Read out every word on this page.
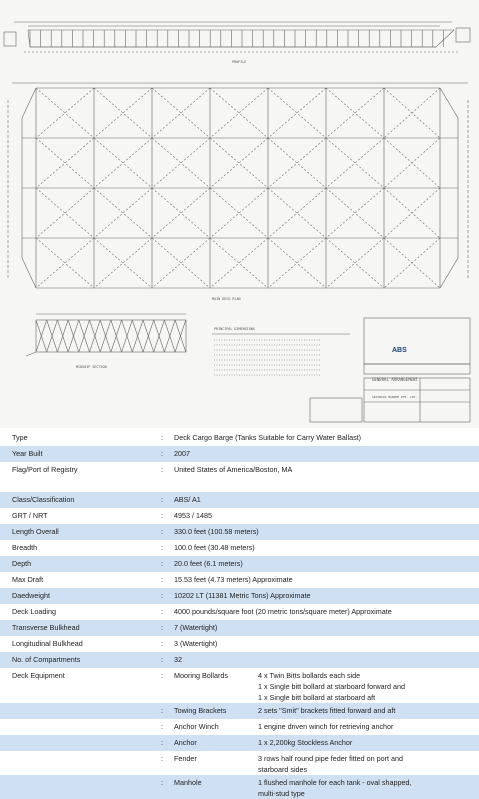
PROFILE
MAIN DECK PLAN
MIDSHIP SECTION
PRINCIPAL DIMENSIONS
GENERAL ARRANGEMENT
SEATRUCK MARINE PTE. LTD.
ABS
Type	: Deck Cargo Barge (Tanks Suitable for Carry Water Ballast)
Year Built	: 2007
Flag/Port of Registry	: United States of America/Boston, MA
Class/Classification	: ABS/ A1
GRT / NRT	: 4953 / 1485
Length Overall	: 330.0 feet (100.58 meters)
Breadth	: 100.0 feet (30.48 meters)
Depth	: 20.0 feet (6.1 meters)
Max Draft	: 15.53 feet (4.73 meters) Approximate
Daedweight	: 10202 LT (11381 Metric Tons) Approximate
Deck Loading	: 4000 pounds/square foot (20 metric tons/square meter) Approximate
Transverse Bulkhead	: 7 (Watertight)
Longitudinal Bulkhead	: 3 (Watertight)
No. of Compartments	: 32
Deck Equipment	: Mooring Bollards	4 x Twin Bitts bollards each side
1 x Single bitt bollard at starboard forward and
1 x Single bitt bollard at starboard aft
: Towing Brackets	2 sets "Smit" brackets fitted forward and aft
: Anchor Winch	1 engine driven winch for retrieving anchor
: Anchor	1 x 2,200kg Stockless Anchor
: Fender	3 rows half round pipe feder fitted on port and
starboard sides
: Manhole	1 flushed manhole for each tank - oval shapped,
multi-stud type
